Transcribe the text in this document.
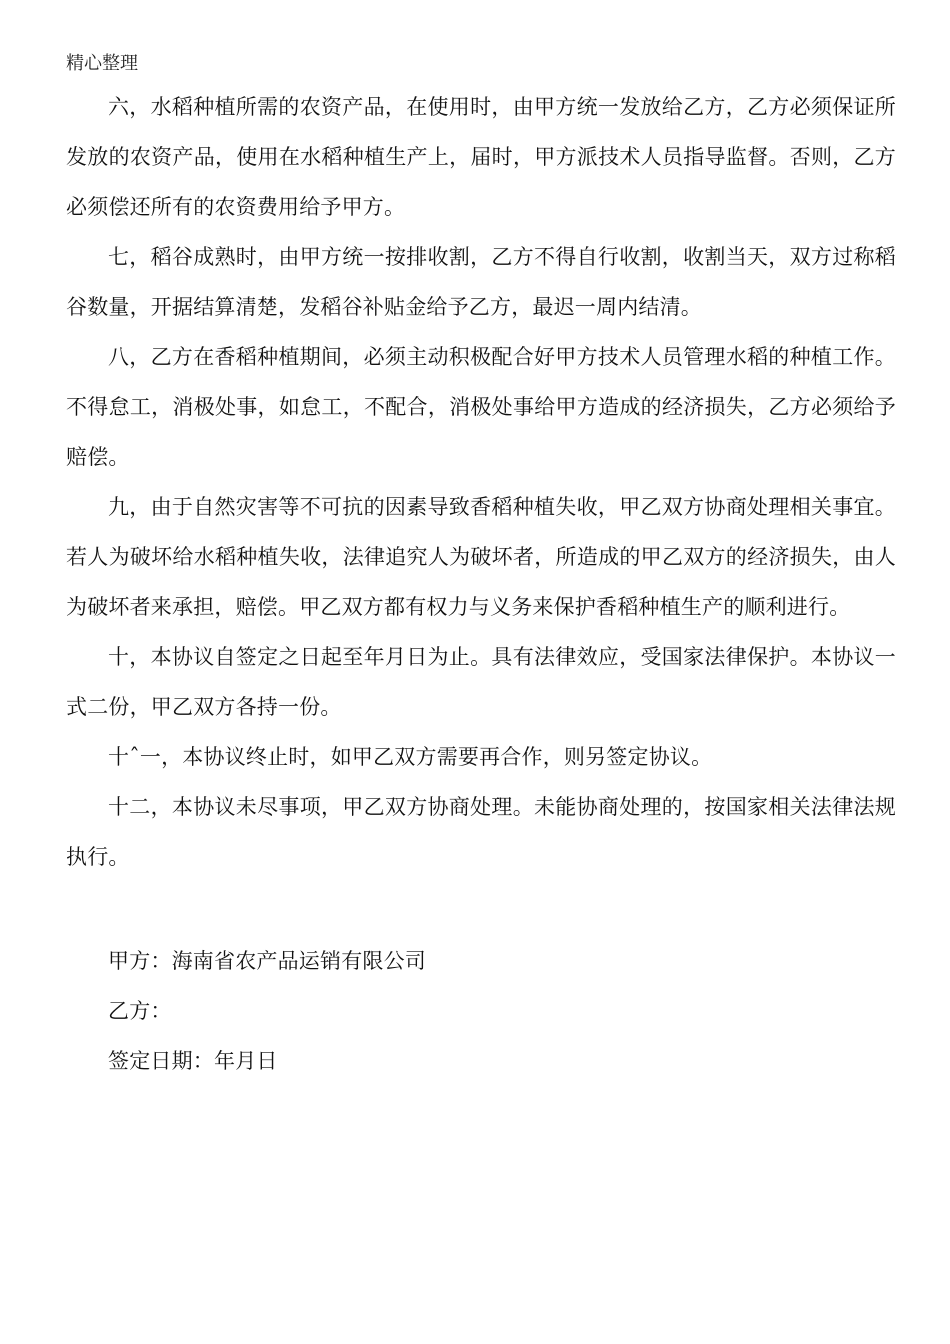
精心整理

六，水稻种植所需的农资产品，在使用时，由甲方统一发放给乙方，乙方必须保证所发放的农资产品，使用在水稻种植生产上，届时，甲方派技术人员指导监督。否则，乙方必须偿还所有的农资费用给予甲方。

七，稻谷成熟时，由甲方统一按排收割，乙方不得自行收割，收割当天，双方过称稻谷数量，开据结算清楚，发稻谷补贴金给予乙方，最迟一周内结清。

八，乙方在香稻种植期间，必须主动积极配合好甲方技术人员管理水稻的种植工作。不得怠工，消极处事，如怠工，不配合，消极处事给甲方造成的经济损失，乙方必须给予赔偿。

九，由于自然灾害等不可抗的因素导致香稻种植失收，甲乙双方协商处理相关事宜。若人为破坏给水稻种植失收，法律追究人为破坏者，所造成的甲乙双方的经济损失，由人为破坏者来承担，赔偿。甲乙双方都有权力与义务来保护香稻种植生产的顺利进行。

十，本协议自签定之日起至年月日为止。具有法律效应，受国家法律保护。本协议一式二份，甲乙双方各持一份。

十ˆ一，本协议终止时，如甲乙双方需要再合作，则另签定协议。

十二，本协议未尽事项，甲乙双方协商处理。未能协商处理的，按国家相关法律法规执行。

甲方：海南省农产品运销有限公司

乙方：

签定日期：年月日
